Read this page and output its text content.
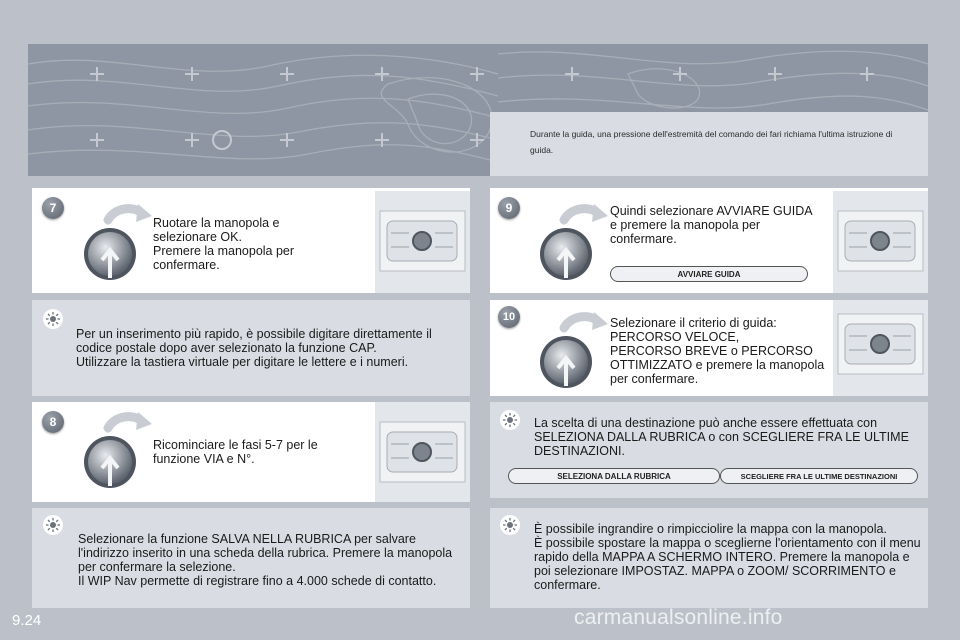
Durante la guida, una pressione dell'estremità del comando dei fari richiama l'ultima istruzione di guida.

7

Ruotare la manopola e selezionare OK.
Premere la manopola per confermare.

Per un inserimento più rapido, è possibile digitare direttamente il codice postale dopo aver selezionato la funzione CAP.
Utilizzare la tastiera virtuale per digitare le lettere e i numeri.

8

Ricominciare le fasi 5-7 per le funzione VIA e N°.

Selezionare la funzione SALVA NELLA RUBRICA per salvare l'indirizzo inserito in una scheda della rubrica. Premere la manopola per confermare la selezione.
Il WIP Nav permette di registrare fino a 4.000 schede di contatto.

9	Quindi selezionare AVVIARE GUIDA e premere la manopola per confermare.

AVVIARE GUIDA
10	Selezionare il criterio di guida:
PERCORSO VELOCE,
PERCORSO BREVE o PERCORSO OTTIMIZZATO e premere la manopola per confermare.

La scelta di una destinazione può anche essere effettuata con SELEZIONA DALLA RUBRICA o con SCEGLIERE FRA LE ULTIME DESTINAZIONI.

SELEZIONA DALLA RUBRICA	SCEGLIERE FRA LE ULTIME DESTINAZIONI

È possibile ingrandire o rimpicciolire la mappa con la manopola.
È possibile spostare la mappa o sceglierne l'orientamento con il menu rapido della MAPPA A SCHERMO INTERO. Premere la manopola e poi selezionare IMPOSTAZ. MAPPA o ZOOM/ SCORRIMENTO e confermare.

9.24	carmanualsonline.info
